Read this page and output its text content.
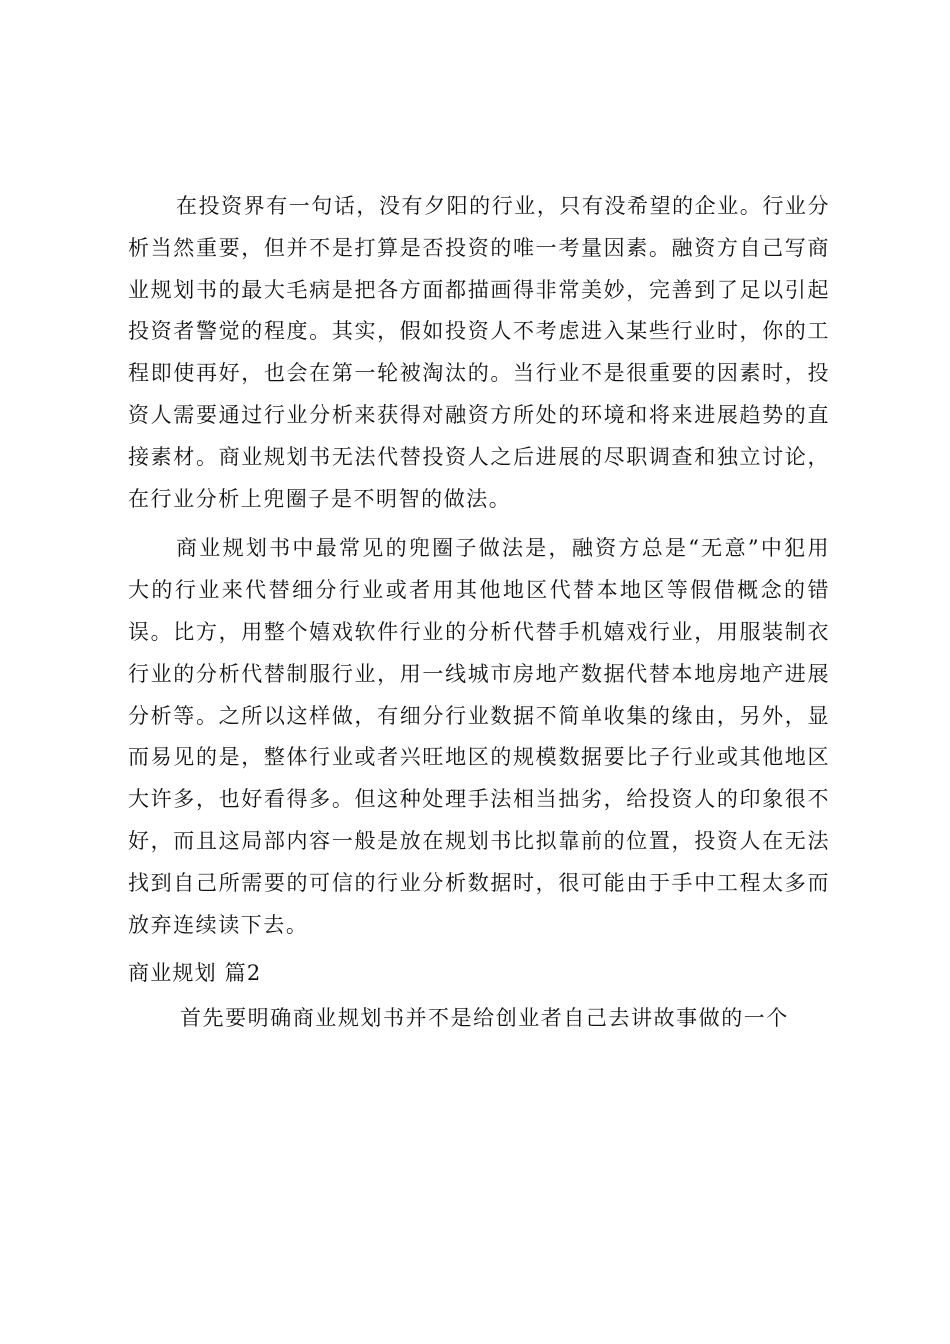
在投资界有一句话，没有夕阳的行业，只有没希望的企业。行业分析当然重要，但并不是打算是否投资的唯一考量因素。融资方自己写商业规划书的最大毛病是把各方面都描画得非常美妙，完善到了足以引起投资者警觉的程度。其实，假如投资人不考虑进入某些行业时，你的工程即使再好，也会在第一轮被淘汰的。当行业不是很重要的因素时，投资人需要通过行业分析来获得对融资方所处的环境和将来进展趋势的直接素材。商业规划书无法代替投资人之后进展的尽职调查和独立讨论，在行业分析上兜圈子是不明智的做法。

商业规划书中最常见的兜圈子做法是，融资方总是“无意”中犯用大的行业来代替细分行业或者用其他地区代替本地区等假借概念的错误。比方，用整个嬉戏软件行业的分析代替手机嬉戏行业，用服装制衣行业的分析代替制服行业，用一线城市房地产数据代替本地房地产进展分析等。之所以这样做，有细分行业数据不简单收集的缘由，另外，显而易见的是，整体行业或者兴旺地区的规模数据要比子行业或其他地区大许多，也好看得多。但这种处理手法相当拙劣，给投资人的印象很不好，而且这局部内容一般是放在规划书比拟靠前的位置，投资人在无法找到自己所需要的可信的行业分析数据时，很可能由于手中工程太多而放弃连续读下去。

商业规划 篇2

首先要明确商业规划书并不是给创业者自己去讲故事做的一个
